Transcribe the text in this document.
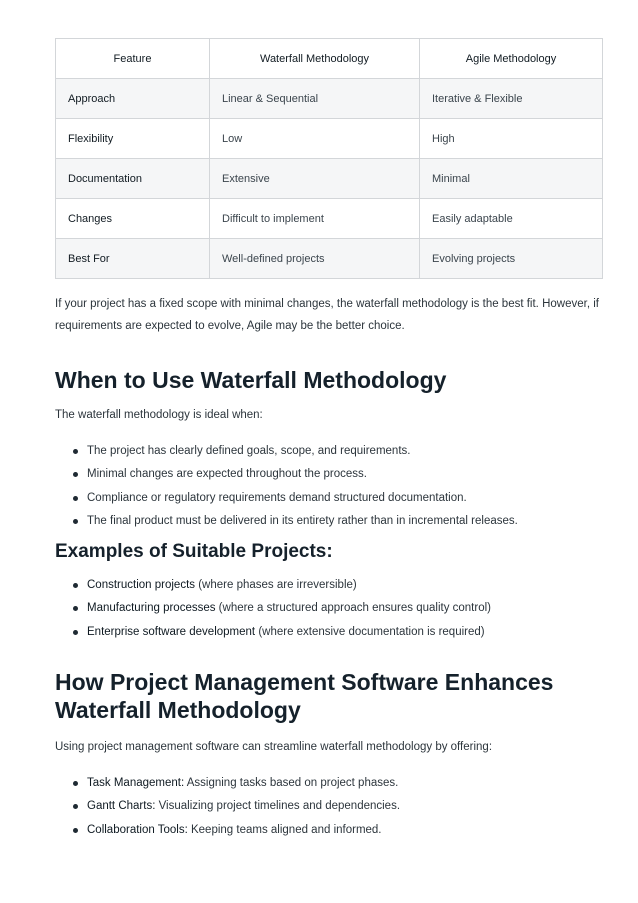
Feature	Waterfall Methodology	Agile Methodology
Approach	Linear & Sequential	Iterative & Flexible
Flexibility	Low	High
Documentation	Extensive	Minimal
Changes	Difficult to implement	Easily adaptable
Best For	Well-defined projects	Evolving projects

If your project has a fixed scope with minimal changes, the waterfall methodology is the best fit. However, if requirements are expected to evolve, Agile may be the better choice.

When to Use Waterfall Methodology

The waterfall methodology is ideal when:

The project has clearly defined goals, scope, and requirements.
Minimal changes are expected throughout the process.
Compliance or regulatory requirements demand structured documentation.
The final product must be delivered in its entirety rather than in incremental releases.
Examples of Suitable Projects:
Construction projects (where phases are irreversible)
Manufacturing processes (where a structured approach ensures quality control)
Enterprise software development (where extensive documentation is required)
How Project Management Software Enhances Waterfall Methodology

Using project management software can streamline waterfall methodology by offering:

Task Management: Assigning tasks based on project phases.
Gantt Charts: Visualizing project timelines and dependencies.
Collaboration Tools: Keeping teams aligned and informed.
